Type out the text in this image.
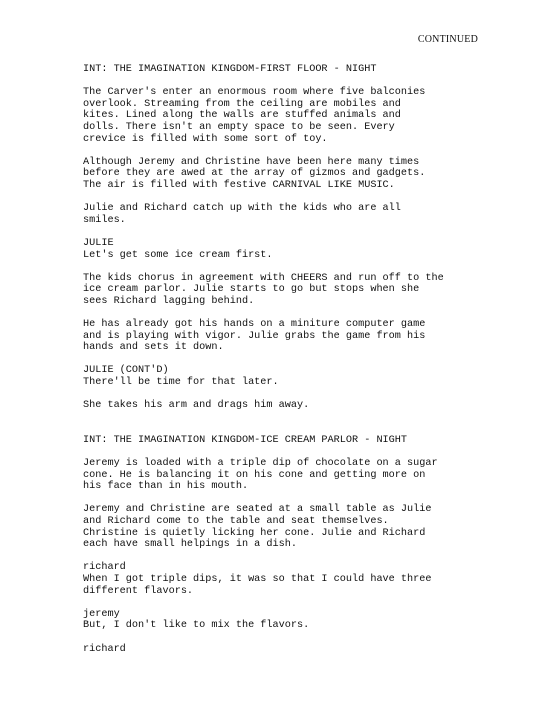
CONTINUED

INT: THE IMAGINATION KINGDOM-FIRST FLOOR - NIGHT

The Carver's enter an enormous room where five balconies
overlook. Streaming from the ceiling are mobiles and
kites. Lined along the walls are stuffed animals and
dolls. There isn't an empty space to be seen. Every
crevice is filled with some sort of toy.

Although Jeremy and Christine have been here many times
before they are awed at the array of gizmos and gadgets.
The air is filled with festive CARNIVAL LIKE MUSIC.

Julie and Richard catch up with the kids who are all
smiles.

JULIE

Let's get some ice cream first.

The kids chorus in agreement with CHEERS and run off to the
ice cream parlor. Julie starts to go but stops when she
sees Richard lagging behind.

He has already got his hands on a miniture computer game
and is playing with vigor. Julie grabs the game from his
hands and sets it down.

JULIE (CONT'D)

There'll be time for that later.

She takes his arm and drags him away.

INT: THE IMAGINATION KINGDOM-ICE CREAM PARLOR - NIGHT

Jeremy is loaded with a triple dip of chocolate on a sugar
cone. He is balancing it on his cone and getting more on
his face than in his mouth.

Jeremy and Christine are seated at a small table as Julie
and Richard come to the table and seat themselves.
Christine is quietly licking her cone. Julie and Richard
each have small helpings in a dish.

richard

When I got triple dips, it was so that I could have three
different flavors.

jeremy

But, I don't like to mix the flavors.

richard
